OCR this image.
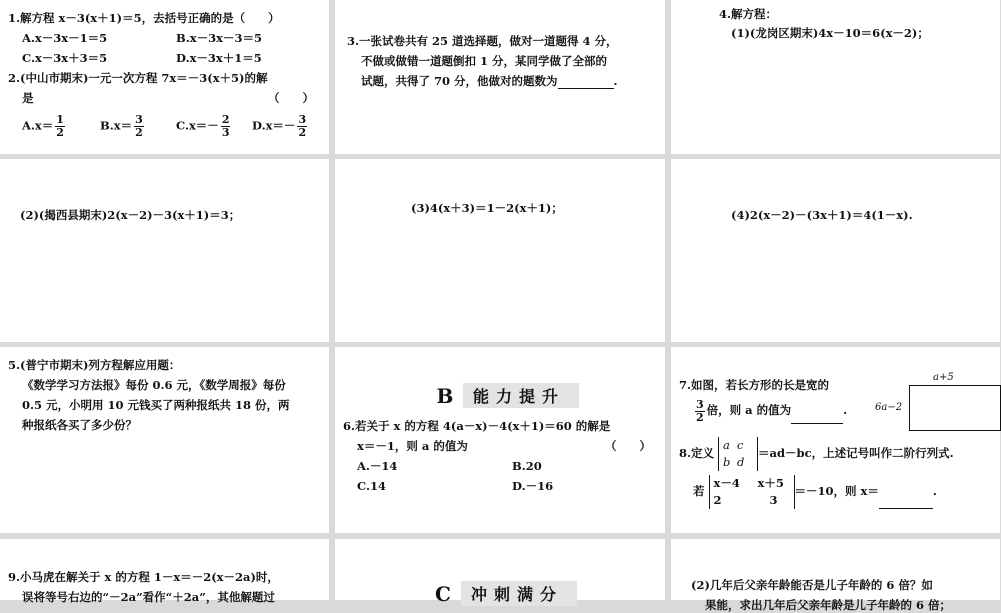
1.解方程 x－3(x＋1)＝5，去括号正确的是（　　）
A.x－3x－1＝5	B.x－3x－3＝5
C.x－3x＋3＝5	D.x－3x＋1＝5
2.(中山市期末)一元一次方程 7x＝－3(x＋5)的解
是	（　　）
$A.x= \frac{1}{2}$	$B.x= \frac{3}{2}$	$C.x=- \frac{2}{3} D.x=- \frac{3}{2}$
3.一张试卷共有 25 道选择题，做对一道题得 4 分，
不做或做错一道题倒扣 1 分，某同学做了全部的
试题，共得了 70 分，他做对的题数为	.
4.解方程：
(1)(龙岗区期末)4x－10＝6(x－2)；
(2)(揭西县期末)2(x－2)－3(x＋1)＝3；	(3)4(x＋3)＝1－2(x＋1)；	(4)2(x－2)－(3x＋1)＝4(1－x).
5.(普宁市期末)列方程解应用题：
《数学学习方法报》每份 0.6 元，《数学周报》每份
0.5 元，小明用 10 元钱买了两种报纸共 18 份，两
种报纸各买了多少份？
B	能力提升
6.若关于 x 的方程 4(a－x)－4(x＋1)＝60 的解是
x＝－1，则 a 的值为	（　　）
A.－14	B.20
C.14	D.－16
7.如图，若长方形的长是宽的
$\frac{3}{2}$ 倍，则 a 的值为	.
a+5
6a−2
8.定义 a c
b d＝ad－bc，上述记号叫作二阶行列式.
若 x－4 x＋5
2	3＝－10，则 x＝	.
9.小马虎在解关于 x 的方程 1－x＝－2(x－2a)时，
误将等号右边的“－2a”看作“＋2a”，其他解题过	C	冲刺满分	(2)几年后父亲年龄能否是儿子年龄的 6 倍？如
果能，求出几年后父亲年龄是儿子年龄的 6 倍；
